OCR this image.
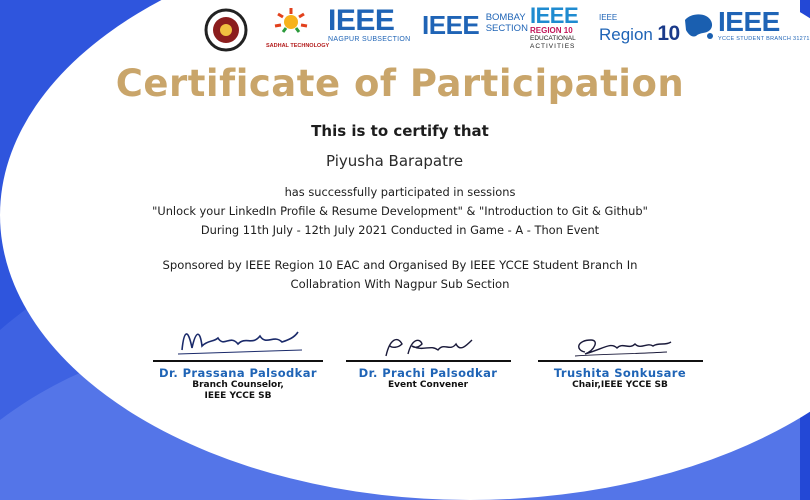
SADHAL TECHNOLOGY
IEEE
NAGPUR SUBSECTION IEEE BOMBAY
SECTION
IEEE
REGION 10
EDUCATIONAL
ACTIVITIES
IEEE
Region 10 IEEE
YCCE STUDENT BRANCH 31271
Certificate of Participation
This is to certify that
Piyusha Barapatre
has successfully participated in sessions
"Unlock your LinkedIn Profile & Resume Development" & "Introduction to Git & Github"
During 11th July - 12th July 2021 Conducted in Game - A - Thon Event
Sponsored by IEEE Region 10 EAC and Organised By IEEE YCCE Student Branch In
Collabration With Nagpur Sub Section
Dr. Prassana Palsodkar
Branch Counselor,
IEEE YCCE SB
Dr. Prachi Palsodkar
Event Convener
Trushita Sonkusare
Chair,IEEE YCCE SB
